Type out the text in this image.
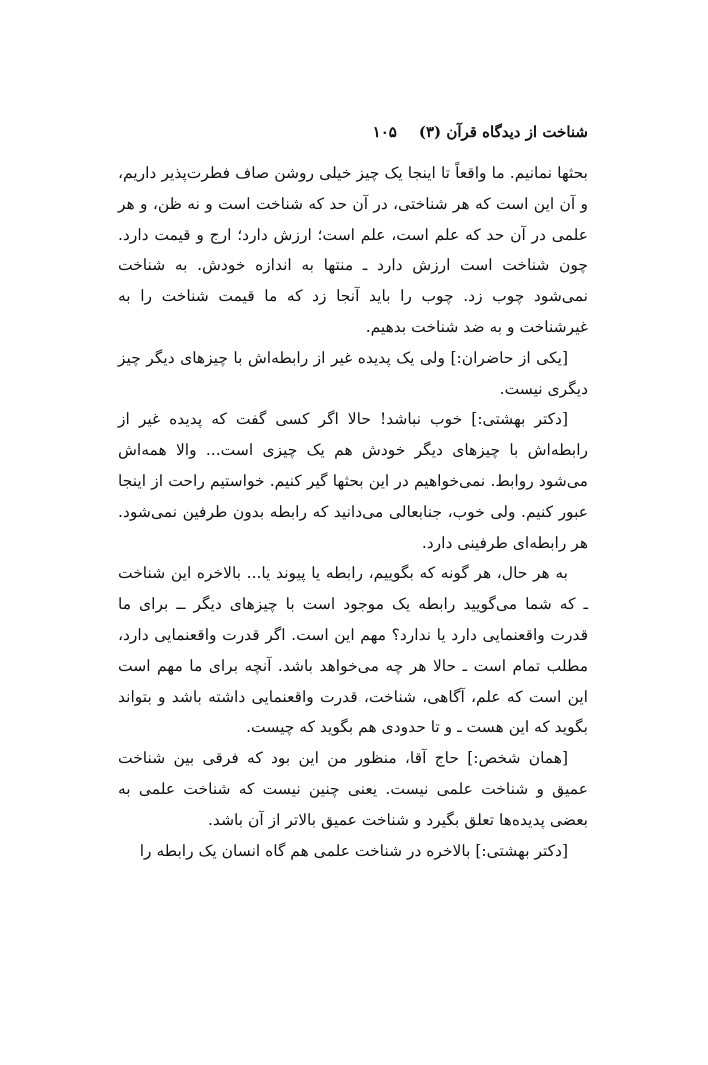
شناخت از دیدگاه قرآن (۳)
۱۰۵

بحثها نمانیم. ما واقعاً تا اینجا یک چیز خیلی روشن صاف فطرت‌پذیر داریم، و آن این است که هر شناختی، در آن حد که شناخت است و نه ظن، و هر علمی در آن حد که علم است، علم است؛ ارزش دارد؛ ارج و قیمت دارد. چون شناخت است ارزش دارد ـ منتها به اندازه خودش. به شناخت نمی‌شود چوب زد. چوب را باید آنجا زد که ما قیمت شناخت را به غیرشناخت و به ضد شناخت بدهیم.

[یکی از حاضران:] ولی یک پدیده غیر از رابطه‌اش با چیزهای دیگر چیز دیگری نیست.

[دکتر بهشتی:] خوب نباشد! حالا اگر کسی گفت که پدیده غیر از رابطه‌اش با چیزهای دیگر خودش هم یک چیزی است... والا همه‌اش می‌شود روابط. نمی‌خواهیم در این بحثها گیر کنیم. خواستیم راحت از اینجا عبور کنیم. ولی خوب، جنابعالی می‌دانید که رابطه بدون طرفین نمی‌شود. هر رابطه‌ای طرفینی دارد.

به هر حال، هر گونه که بگوییم، رابطه یا پیوند یا... بالاخره این شناخت ـ که شما می‌گویید رابطه یک موجود است با چیزهای دیگر ــ برای ما قدرت واقعنمایی دارد یا ندارد؟ مهم این است. اگر قدرت واقعنمایی دارد، مطلب تمام است ـ حالا هر چه می‌خواهد باشد. آنچه برای ما مهم است این است که علم، آگاهی، شناخت، قدرت واقعنمایی داشته باشد و بتواند بگوید که این هست ـ و تا حدودی هم بگوید که چیست.

[همان شخص:] حاج آقا، منظور من این بود که فرقی بین شناخت عمیق و شناخت علمی نیست. یعنی چنین نیست که شناخت علمی به بعضی پدیده‌ها تعلق بگیرد و شناخت عمیق بالاتر از آن باشد.

[دکتر بهشتی:] بالاخره در شناخت علمی هم گاه انسان یک رابطه را
